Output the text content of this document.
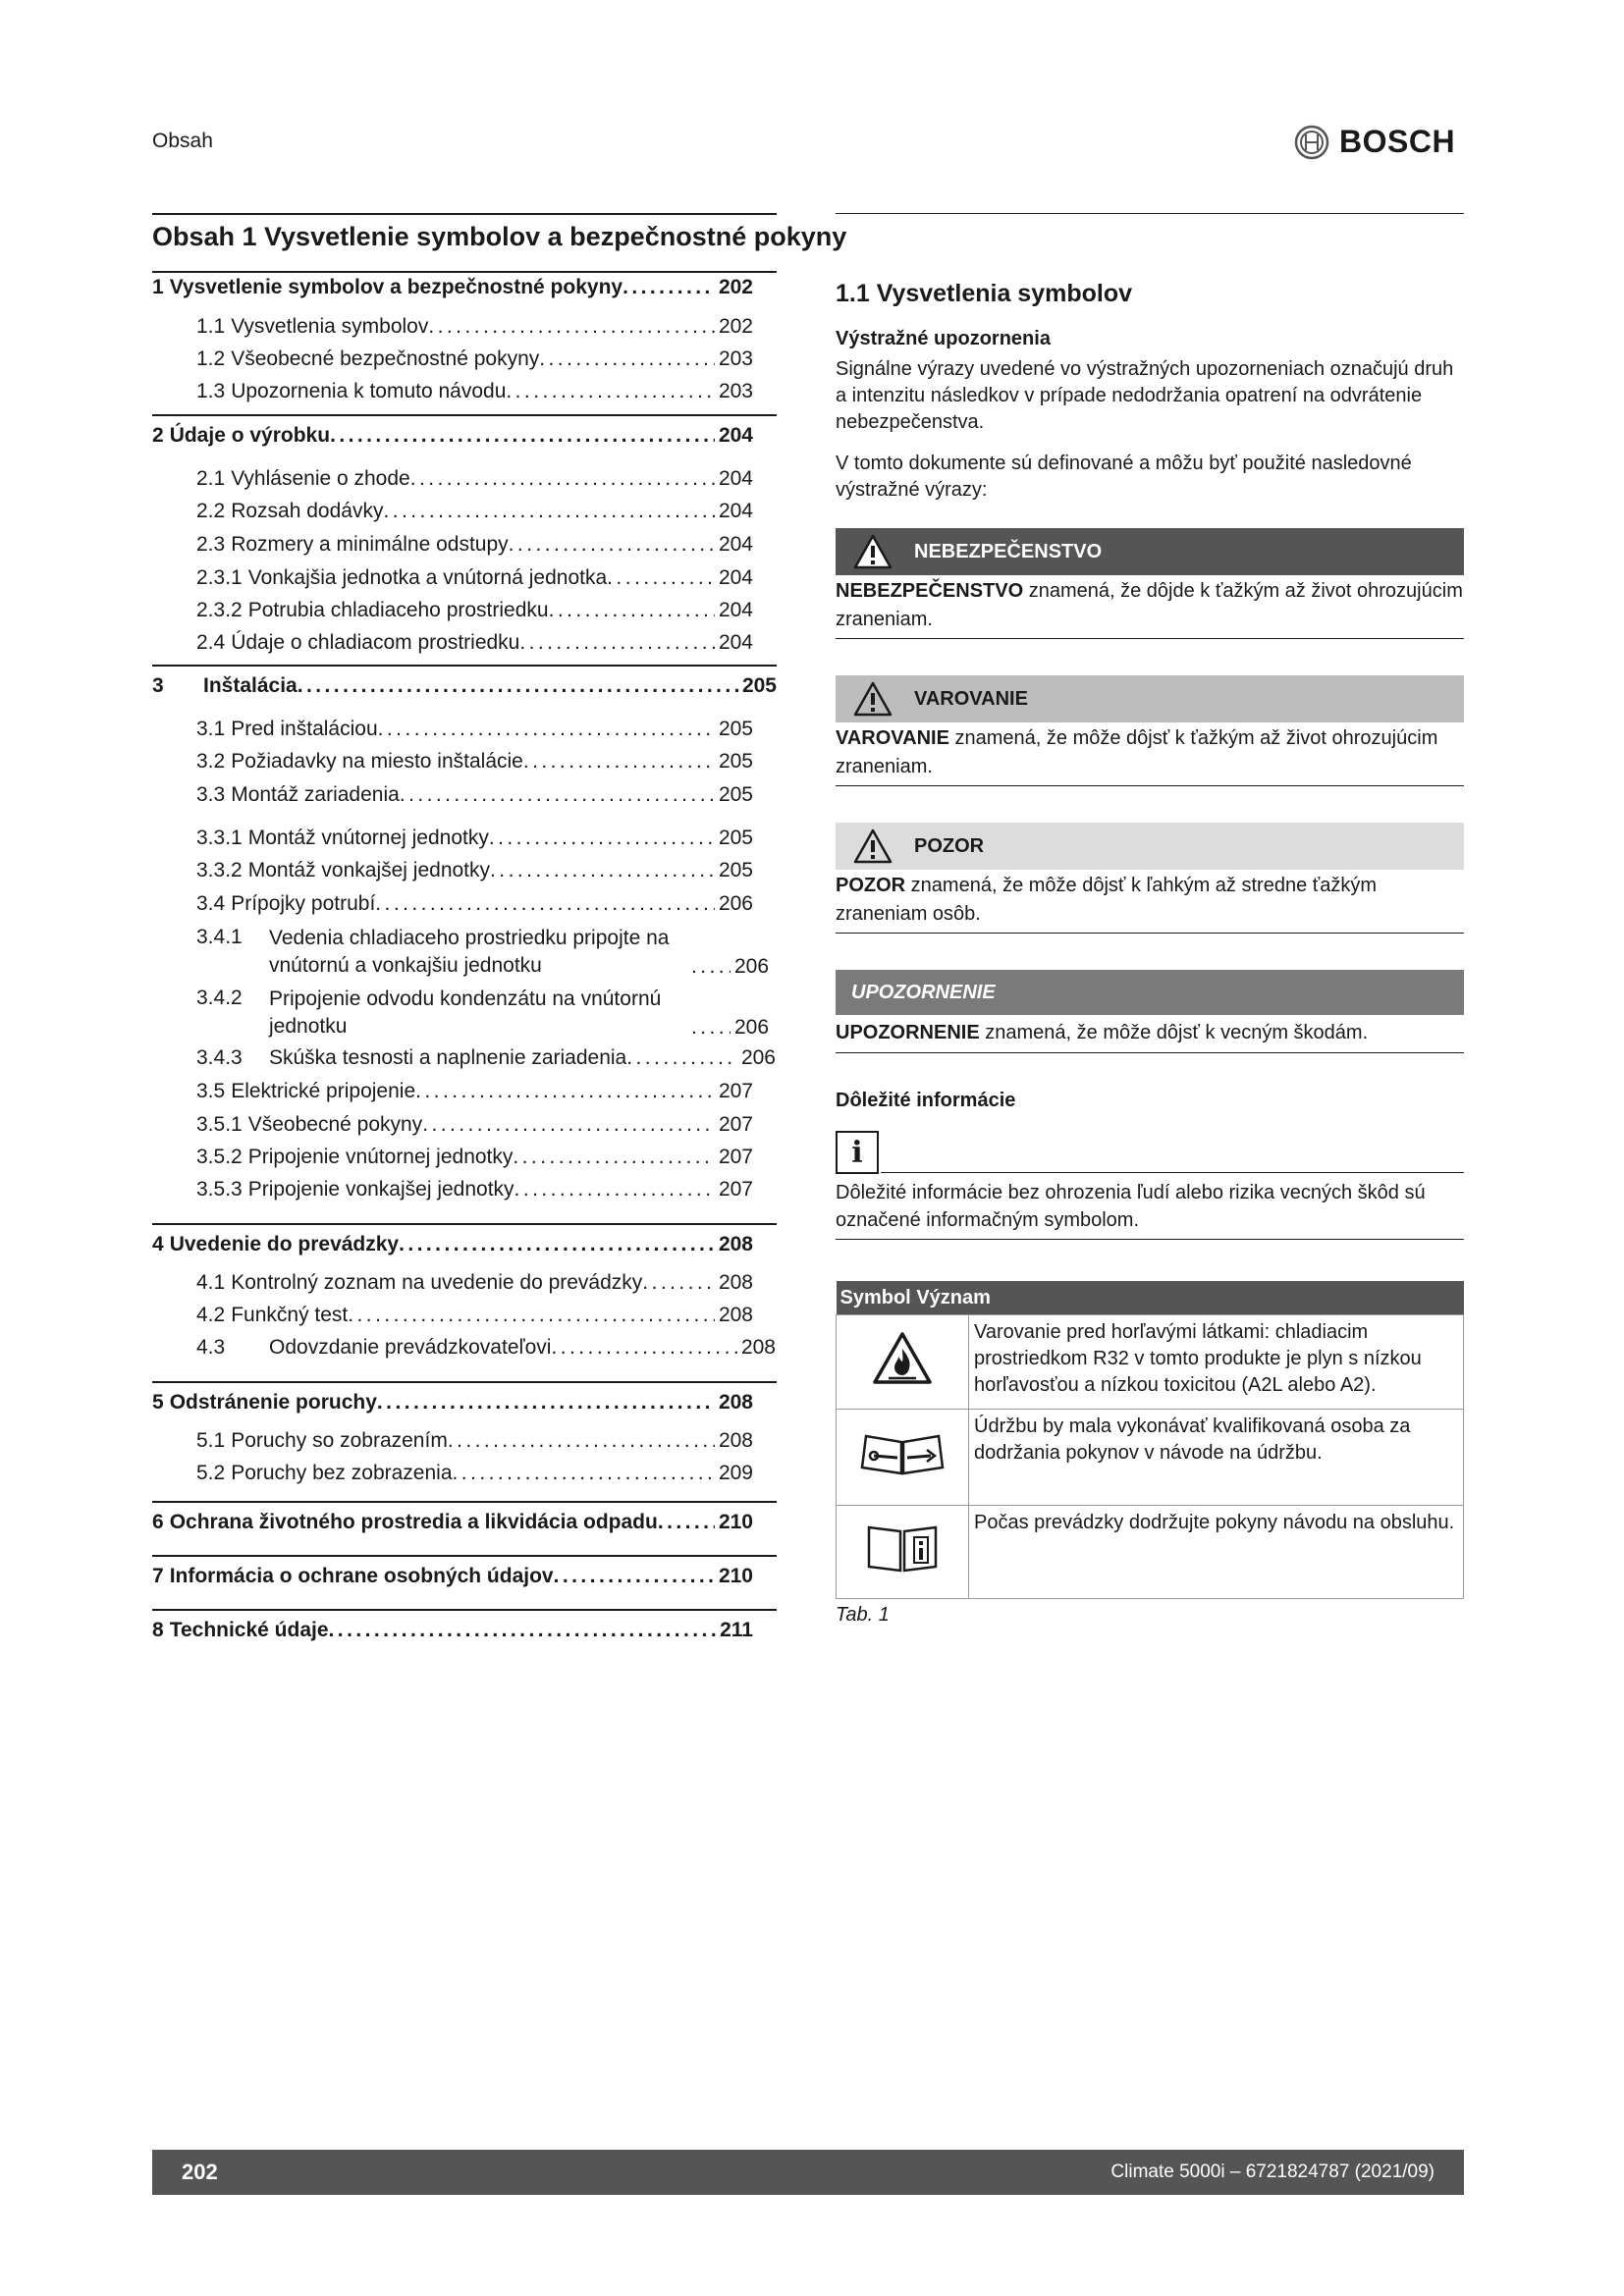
Obsah	BOSCH
Obsah 1 Vysvetlenie symbolov a bezpečnostné pokyny
1 Vysvetlenie symbolov a bezpečnostné pokyny . . .	202
1.1 Vysvetlenia symbolov . . .	202
1.2 Všeobecné bezpečnostné pokyny . . .	203
1.3 Upozornenia k tomuto návodu . . .	203
2 Údaje o výrobku . . .	204
2.1 Vyhlásenie o zhode . . .	204
2.2 Rozsah dodávky . . .	204
2.3 Rozmery a minimálne odstupy . . .	204
2.3.1 Vonkajšia jednotka a vnútorná jednotka . . .	204
2.3.2 Potrubia chladiaceho prostriedku . . .	204
2.4 Údaje o chladiacom prostriedku . . .	204
3	Inštalácia . . .	205
3.1 Pred inštaláciou . . .	205
3.2 Požiadavky na miesto inštalácie . . .	205
3.3 Montáž zariadenia . . .	205
3.3.1 Montáž vnútornej jednotky . . .	205
3.3.2 Montáž vonkajšej jednotky . . .	205
3.4 Prípojky potrubí . . .	206
3.4.1	Vedenia chladiaceho prostriedku pripojte na vnútornú a vonkajšiu jednotku . . .	206
3.4.2	Pripojenie odvodu kondenzátu na vnútornú jednotku . . .	206
3.4.3	Skúška tesnosti a naplnenie zariadenia . . .	206
3.5 Elektrické pripojenie . . .	207
3.5.1 Všeobecné pokyny . . .	207
3.5.2 Pripojenie vnútornej jednotky . . .	207
3.5.3 Pripojenie vonkajšej jednotky . . .	207
4 Uvedenie do prevádzky . . .	208
4.1 Kontrolný zoznam na uvedenie do prevádzky . . .	208
4.2 Funkčný test . . .	208
4.3	Odovzdanie prevádzkovateľovi . . .	208
5 Odstránenie poruchy . . .	208
5.1 Poruchy so zobrazením . . .	208
5.2 Poruchy bez zobrazenia . . .	209
6 Ochrana životného prostredia a likvidácia odpadu . . .	210
7 Informácia o ochrane osobných údajov . . .	210
8 Technické údaje . . .	211
1.1 Vysvetlenia symbolov
Výstražné upozornenia
Signálne výrazy uvedené vo výstražných upozorneniach označujú druh a intenzitu následkov v prípade nedodržania opatrení na odvrátenie nebezpečenstva.
V tomto dokumente sú definované a môžu byť použité nasledovné výstražné výrazy:
NEBEZPEČENSTVO
NEBEZPEČENSTVO znamená, že dôjde k ťažkým až život ohrozujúcim zraneniam.
VAROVANIE
VAROVANIE znamená, že môže dôjsť k ťažkým až život ohrozujúcim zraneniam.
POZOR
POZOR znamená, že môže dôjsť k ľahkým až stredne ťažkým zraneniam osôb.
UPOZORNENIE
UPOZORNENIE znamená, že môže dôjsť k vecným škodám.
Dôležité informácie
i
Dôležité informácie bez ohrozenia ľudí alebo rizika vecných škôd sú označené informačným symbolom.
Symbol Význam	
	Varovanie pred horľavými látkami: chladiacim prostriedkom R32 v tomto produkte je plyn s nízkou horľavosťou a nízkou toxicitou (A2L alebo A2).
	Údržbu by mala vykonávať kvalifikovaná osoba za dodržania pokynov v návode na údržbu.
	Počas prevádzky dodržujte pokyny návodu na obsluhu.
Tab. 1
202	Climate 5000i – 6721824787 (2021/09)
